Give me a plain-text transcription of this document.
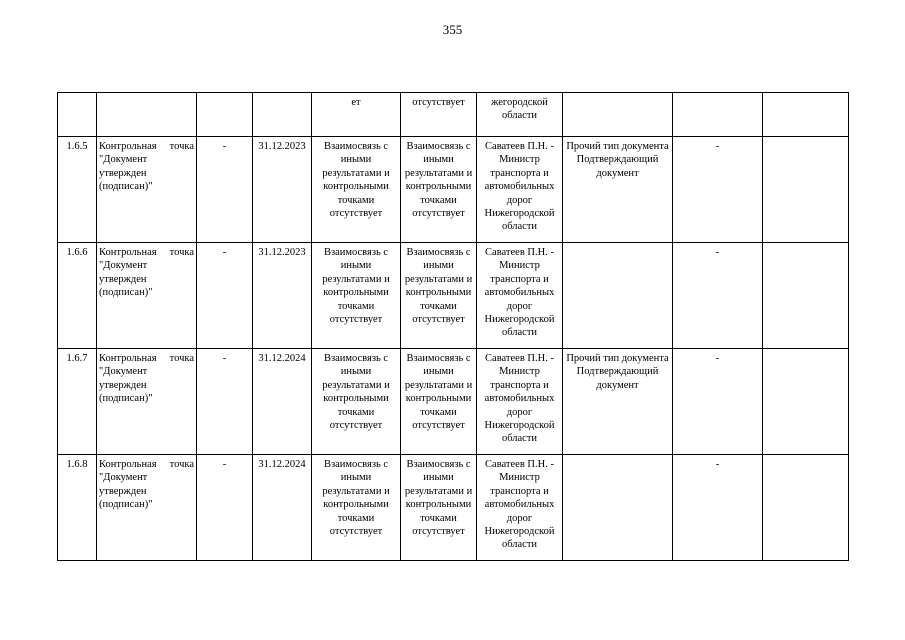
355
				ет	отсутствует	жегородской области			
1.6.5	Контрольная точка "Документ утвержден (подписан)"	-	31.12.2023	Взаимосвязь с иными результатами и контрольными точками отсутствует	Взаимосвязь с иными результатами и контрольными точками отсутствует	Саватеев П.Н. - Министр транспорта и автомобильных дорог Нижегородской области	Прочий тип документа Подтверждающий документ	-	
1.6.6	Контрольная точка "Документ утвержден (подписан)"	-	31.12.2023	Взаимосвязь с иными результатами и контрольными точками отсутствует	Взаимосвязь с иными результатами и контрольными точками отсутствует	Саватеев П.Н. - Министр транспорта и автомобильных дорог Нижегородской области		-	
1.6.7	Контрольная точка "Документ утвержден (подписан)"	-	31.12.2024	Взаимосвязь с иными результатами и контрольными точками отсутствует	Взаимосвязь с иными результатами и контрольными точками отсутствует	Саватеев П.Н. - Министр транспорта и автомобильных дорог Нижегородской области	Прочий тип документа Подтверждающий документ	-	
1.6.8	Контрольная точка "Документ утвержден (подписан)"	-	31.12.2024	Взаимосвязь с иными результатами и контрольными точками отсутствует	Взаимосвязь с иными результатами и контрольными точками отсутствует	Саватеев П.Н. - Министр транспорта и автомобильных дорог Нижегородской области		-	
